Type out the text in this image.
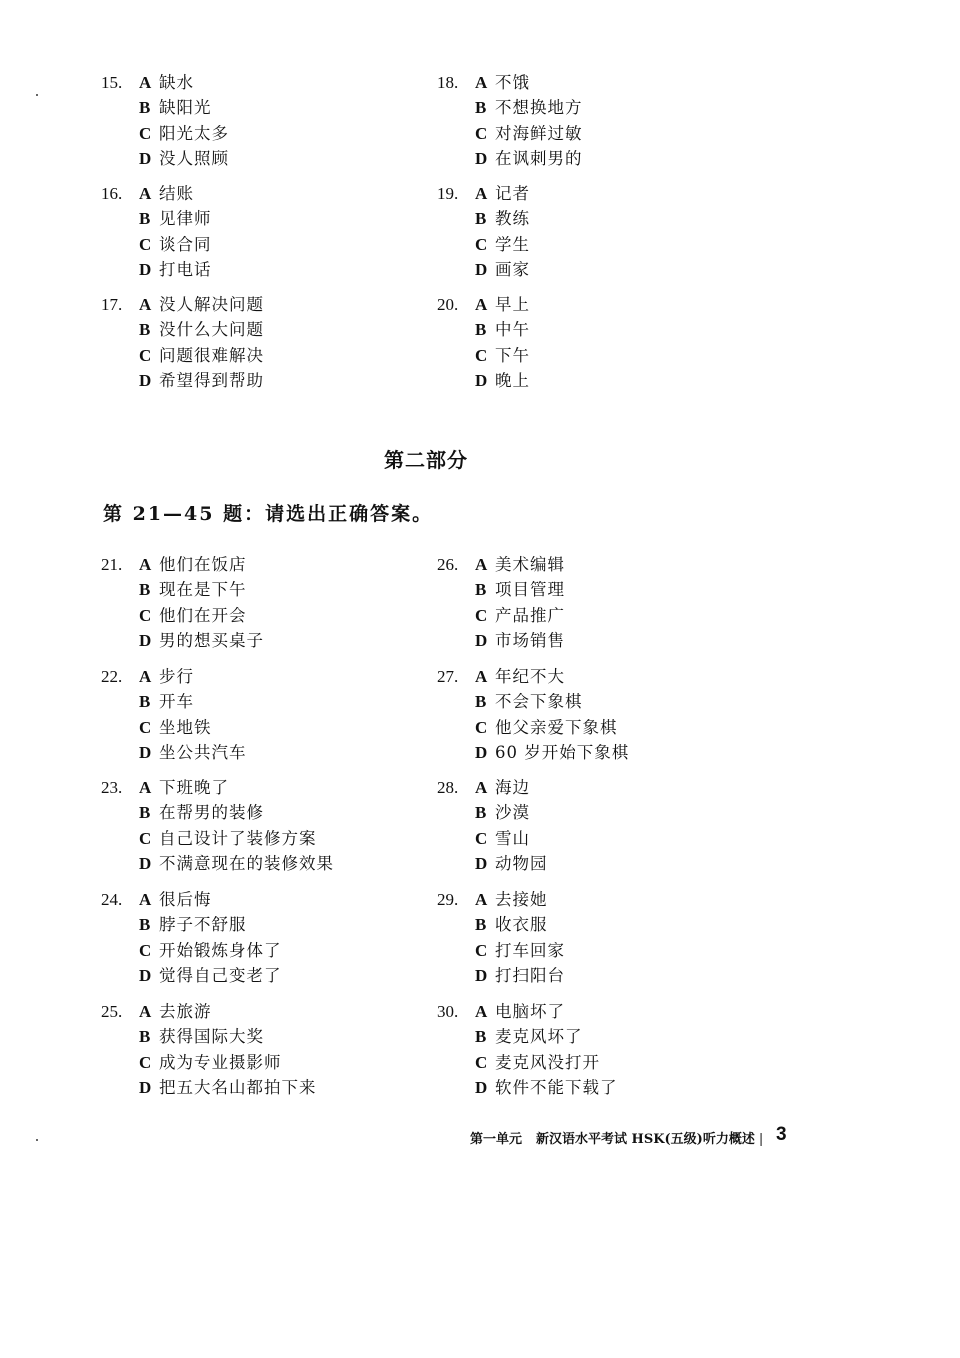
15. A 缺水
B 缺阳光
C 阳光太多
D 没人照顾
16. A 结账
B 见律师
C 谈合同
D 打电话
17. A 没人解决问题
B 没什么大问题
C 问题很难解决
D 希望得到帮助
18. A 不饿
B 不想换地方
C 对海鲜过敏
D 在讽刺男的
19. A 记者
B 教练
C 学生
D 画家
20. A 早上
B 中午
C 下午
D 晚上
第二部分
第 21—45 题：请选出正确答案。
21. A 他们在饭店
B 现在是下午
C 他们在开会
D 男的想买桌子
22. A 步行
B 开车
C 坐地铁
D 坐公共汽车
23. A 下班晚了
B 在帮男的装修
C 自己设计了装修方案
D 不满意现在的装修效果
24. A 很后悔
B 脖子不舒服
C 开始锻炼身体了
D 觉得自己变老了
25. A 去旅游
B 获得国际大奖
C 成为专业摄影师
D 把五大名山都拍下来
26. A 美术编辑
B 项目管理
C 产品推广
D 市场销售
27. A 年纪不大
B 不会下象棋
C 他父亲爱下象棋
D 60 岁开始下象棋
28. A 海边
B 沙漠
C 雪山
D 动物园
29. A 去接她
B 收衣服
C 打车回家
D 打扫阳台
30. A 电脑坏了
B 麦克风坏了
C 麦克风没打开
D 软件不能下载了
第一单元 新汉语水平考试 HSK(五级)听力概述 | 3
